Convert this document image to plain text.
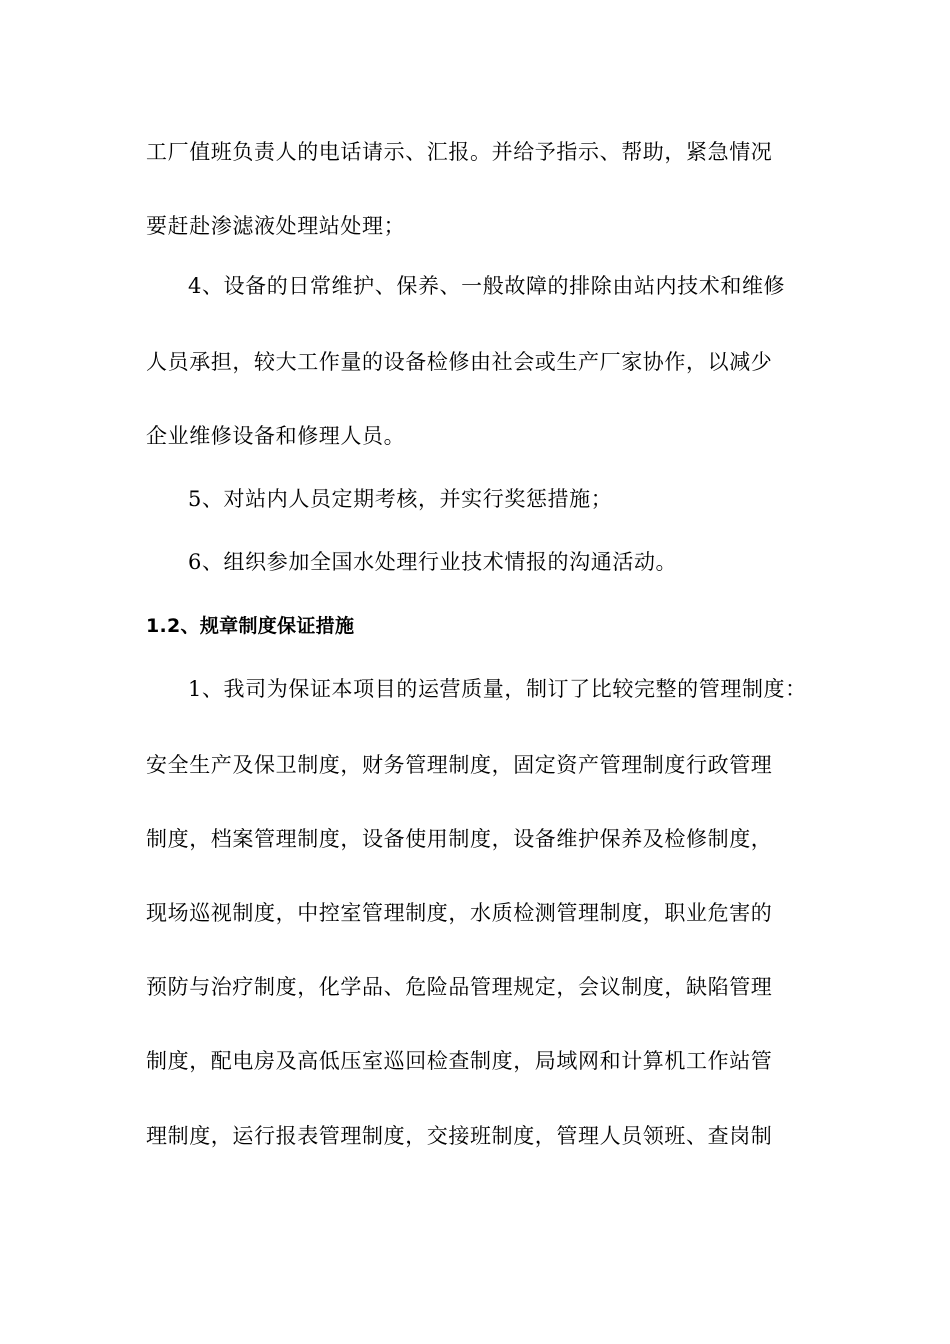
工厂值班负责人的电话请示、汇报。并给予指示、帮助，紧急情况
要赶赴渗滤液处理站处理；
4、设备的日常维护、保养、一般故障的排除由站内技术和维修
人员承担，较大工作量的设备检修由社会或生产厂家协作，以减少
企业维修设备和修理人员。
5、对站内人员定期考核，并实行奖惩措施；
6、组织参加全国水处理行业技术情报的沟通活动。
1.2、规章制度保证措施
1、我司为保证本项目的运营质量，制订了比较完整的管理制度：
安全生产及保卫制度，财务管理制度，固定资产管理制度行政管理
制度，档案管理制度，设备使用制度，设备维护保养及检修制度，
现场巡视制度，中控室管理制度，水质检测管理制度，职业危害的
预防与治疗制度，化学品、危险品管理规定，会议制度，缺陷管理
制度，配电房及高低压室巡回检查制度，局域网和计算机工作站管
理制度，运行报表管理制度，交接班制度，管理人员领班、查岗制
